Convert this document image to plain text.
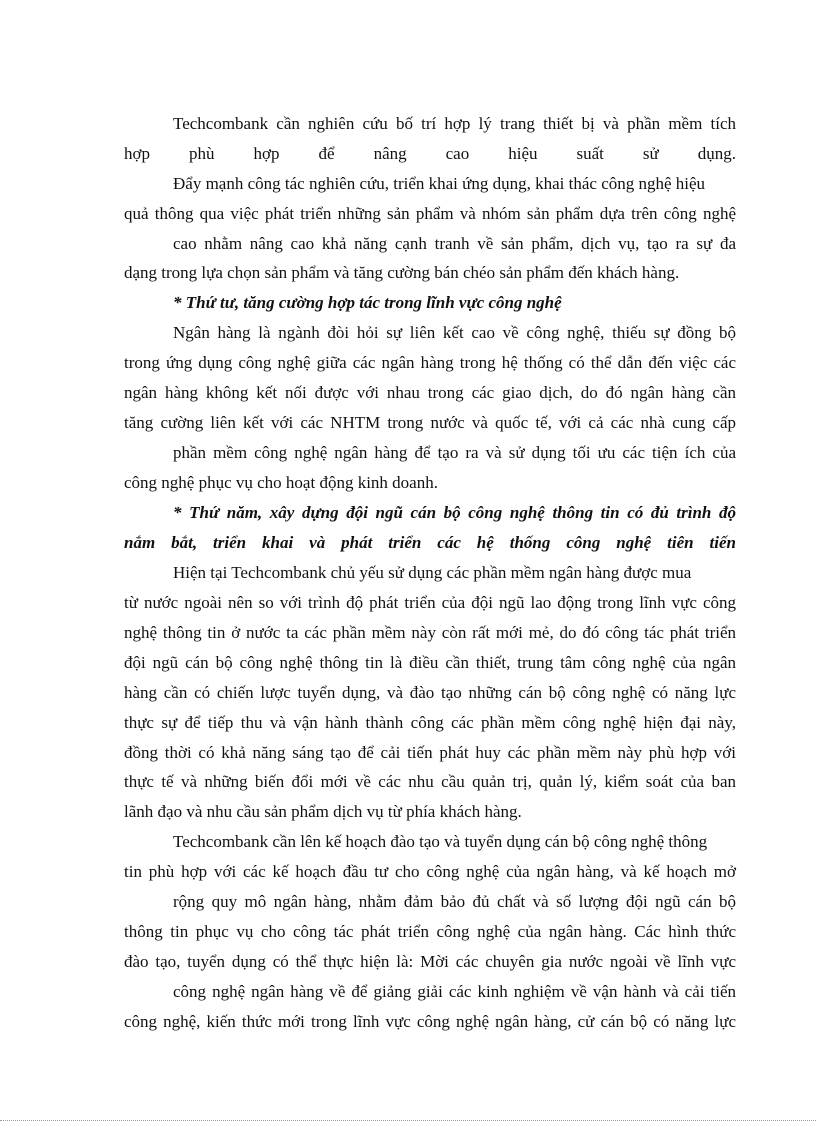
Techcombank cần nghiên cứu bố trí hợp lý trang thiết bị và phần mềm tích
hợp phù hợp để nâng cao hiệu suất sử dụng.
Đẩy mạnh công tác nghiên cứu, triển khai ứng dụng, khai thác công nghệ hiệu
quả thông qua việc phát triển những sản phẩm và nhóm sản phẩm dựa trên công nghệ
cao nhằm nâng cao khả năng cạnh tranh về sản phẩm, dịch vụ, tạo ra sự đa
dạng trong lựa chọn sản phẩm và tăng cường bán chéo sản phẩm đến khách hàng.
* Thứ tư, tăng cường hợp tác trong lĩnh vực công nghệ
Ngân hàng là ngành đòi hỏi sự liên kết cao về công nghệ, thiếu sự đồng bộ
trong ứng dụng công nghệ giữa các ngân hàng trong hệ thống có thể dẫn đến việc các
ngân hàng không kết nối được với nhau trong các giao dịch, do đó ngân hàng cần
tăng cường liên kết với các NHTM trong nước và quốc tế, với cả các nhà cung cấp
phần mềm công nghệ ngân hàng để tạo ra và sử dụng tối ưu các tiện ích của
công nghệ phục vụ cho hoạt động kinh doanh.
* Thứ năm, xây dựng đội ngũ cán bộ công nghệ thông tin có đủ trình độ
nắm bắt, triển khai và phát triển các hệ thống công nghệ tiên tiến
Hiện tại Techcombank chủ yếu sử dụng các phần mềm ngân hàng được mua
từ nước ngoài nên so với trình độ phát triển của đội ngũ lao động trong lĩnh vực công
nghệ thông tin ở nước ta các phần mềm này còn rất mới mẻ, do đó công tác phát triển
đội ngũ cán bộ công nghệ thông tin là điều cần thiết, trung tâm công nghệ của ngân
hàng cần có chiến lược tuyển dụng, và đào tạo những cán bộ công nghệ có năng lực
thực sự để tiếp thu và vận hành thành công các phần mềm công nghệ hiện đại này,
đồng thời có khả năng sáng tạo để cải tiến phát huy các phần mềm này phù hợp với
thực tế và những biến đổi mới về các nhu cầu quản trị, quản lý, kiểm soát của ban
lãnh đạo và nhu cầu sản phẩm dịch vụ từ phía khách hàng.
Techcombank cần lên kế hoạch đào tạo và tuyển dụng cán bộ công nghệ thông
tin phù hợp với các kế hoạch đầu tư cho công nghệ của ngân hàng, và kế hoạch mở
rộng quy mô ngân hàng, nhằm đảm bảo đủ chất và số lượng đội ngũ cán bộ
thông tin phục vụ cho công tác phát triển công nghệ của ngân hàng. Các hình thức
đào tạo, tuyển dụng có thể thực hiện là: Mời các chuyên gia nước ngoài về lĩnh vực
công nghệ ngân hàng về để giảng giải các kinh nghiệm về vận hành và cải tiến
công nghệ, kiến thức mới trong lĩnh vực công nghệ ngân hàng, cử cán bộ có năng lực
